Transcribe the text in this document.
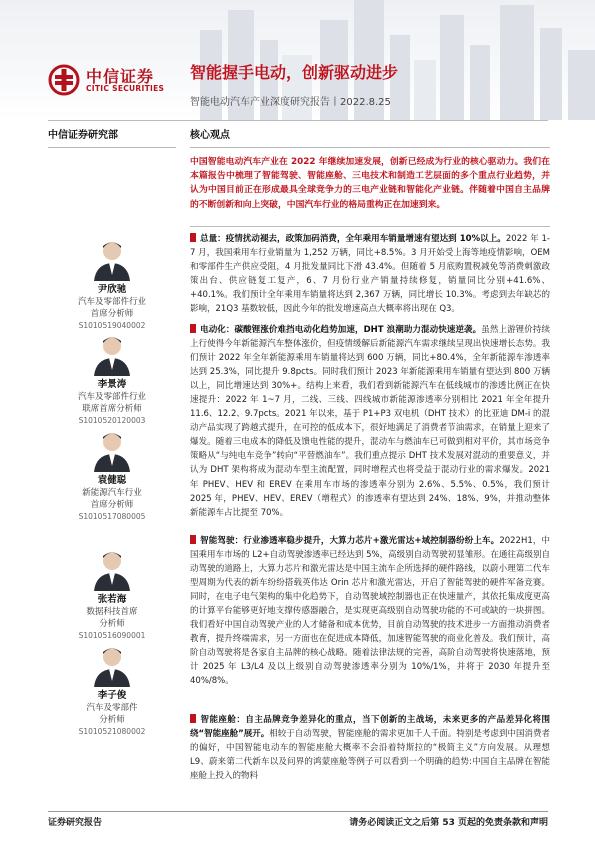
中信证券
CITIC SECURITIES
智能握手电动，创新驱动进步
智能电动汽车产业深度研究报告丨2022.8.25
中信证券研究部
尹欣驰
汽车及零部件行业
首席分析师
S1010519040002
李景涛
汽车及零部件行业
联席首席分析师
S1010520120003
袁健聪
新能源汽车行业
首席分析师
S1010517080005
张若海
数据科技首席
分析师
S1010516090001
李子俊
汽车及零部件
分析师
S1010521080002
核心观点
中国智能电动汽车产业在 2022 年继续加速发展，创新已经成为行业的核心驱动力。我们在本篇报告中梳理了智能驾驶、智能座舱、三电技术和制造工艺层面的多个重点行业趋势，并认为中国目前正在形成最具全球竞争力的三电产业链和智能化产业链。伴随着中国自主品牌的不断创新和向上突破，中国汽车行业的格局重构正在加速到来。
总量：疫情扰动褪去，政策加码消费，全年乘用车销量增速有望达到 10%以上。2022 年 1-7 月，我国乘用车行业销量为 1,252 万辆，同比+8.5%。3 月开始受上海等地疫情影响，OEM 和零部件生产供应受阻，4 月批发量同比下滑 43.4%。但随着 5 月底购置税减免等消费刺激政策出台、供应链复工复产，6、7 月份行业产销量持续修复，销量同比分别+41.6%、+40.1%。我们预计全年乘用车销量将达到 2,367 万辆，同比增长 10.3%。考虑到去年缺芯的影响，21Q3 基数较低，因此今年的批发增速高点大概率将出现在 Q3。
电动化：碳酸锂涨价难挡电动化趋势加速，DHT 浪潮助力混动快速逆袭。虽然上游锂价持续上行使得今年新能源汽车整体涨价，但疫情缓解后新能源汽车需求继续呈现出快速增长态势。我们预计 2022 年全年新能源乘用车销量将达到 600 万辆，同比+80.4%，全年新能源车渗透率达到 25.3%，同比提升 9.8pcts。同时我们预计 2023 年新能源乘用车销量有望达到 800 万辆以上，同比增速达到 30%+。结构上来看，我们看到新能源汽车在低线城市的渗透比例正在快速提升：2022 年 1~7 月，二线、三线、四线城市新能源渗透率分别相比 2021 年全年提升 11.6、12.2、9.7pcts。2021 年以来，基于 P1+P3 双电机（DHT 技术）的比亚迪 DM-i 的混动产品实现了跨越式提升，在可控的低成本下，很好地满足了消费者节油需求，在销量上迎来了爆发。随着三电成本的降低及馈电性能的提升，混动车与燃油车已可做到相对平价，其市场竞争策略从“与纯电车竞争”转向“平替燃油车”。我们重点提示 DHT 技术发展对混动的重要意义，并认为 DHT 架构将成为混动车型主流配置，同时增程式也将受益于混动行业的需求爆发。2021 年 PHEV、HEV 和 EREV 在乘用车市场的渗透率分别为 2.6%、5.5%、0.5%，我们预计 2025 年，PHEV、HEV、EREV（增程式）的渗透率有望达到 24%、18%、9%，并推动整体新能源车占比提至 70%。
智能驾驶：行业渗透率稳步提升，大算力芯片+激光雷达+域控制器纷纷上车。2022H1，中国乘用车市场的 L2+自动驾驶渗透率已经达到 5%，高级别自动驾驶初显雏形。在通往高级别自动驾驶的道路上，大算力芯片和激光雷达是中国主流车企所选择的硬件路线，以蔚小理第二代车型周期为代表的新车纷纷搭载英伟达 Orin 芯片和激光雷达，开启了智能驾驶的硬件军备竞赛。同时，在电子电气架构的集中化趋势下，自动驾驶域控制器也正在快速量产，其依托集成度更高的计算平台能够更好地支撑传感器融合，是实现更高级别自动驾驶功能的不可或缺的一块拼图。我们看好中国自动驾驶产业的人才储备和成本优势，目前自动驾驶的技术进步一方面推动消费者教育，提升终端需求，另一方面也在促进成本降低，加速智能驾驶的商业化普及。我们预计，高阶自动驾驶将是各家自主品牌的核心战略。随着法律法规的完善，高阶自动驾驶将快速落地，预计 2025 年 L3/L4 及以上级别自动驾驶渗透率分别为 10%/1%，并将于 2030 年提升至 40%/8%。
智能座舱：自主品牌竞争差异化的重点，当下创新的主战场，未来更多的产品差异化将围绕“智能座舱”展开。相较于自动驾驶，智能座舱的需求更加千人千面。特别是考虑到中国消费者的偏好，中国智能电动车的智能座舱大概率不会沿着特斯拉的“极简主义”方向发展。从理想 L9、蔚来第二代新车以及问界的鸿蒙座舱等例子可以看到一个明确的趋势:中国自主品牌在智能座舱上投入的物料
证券研究报告	请务必阅读正文之后第 53 页起的免责条款和声明
